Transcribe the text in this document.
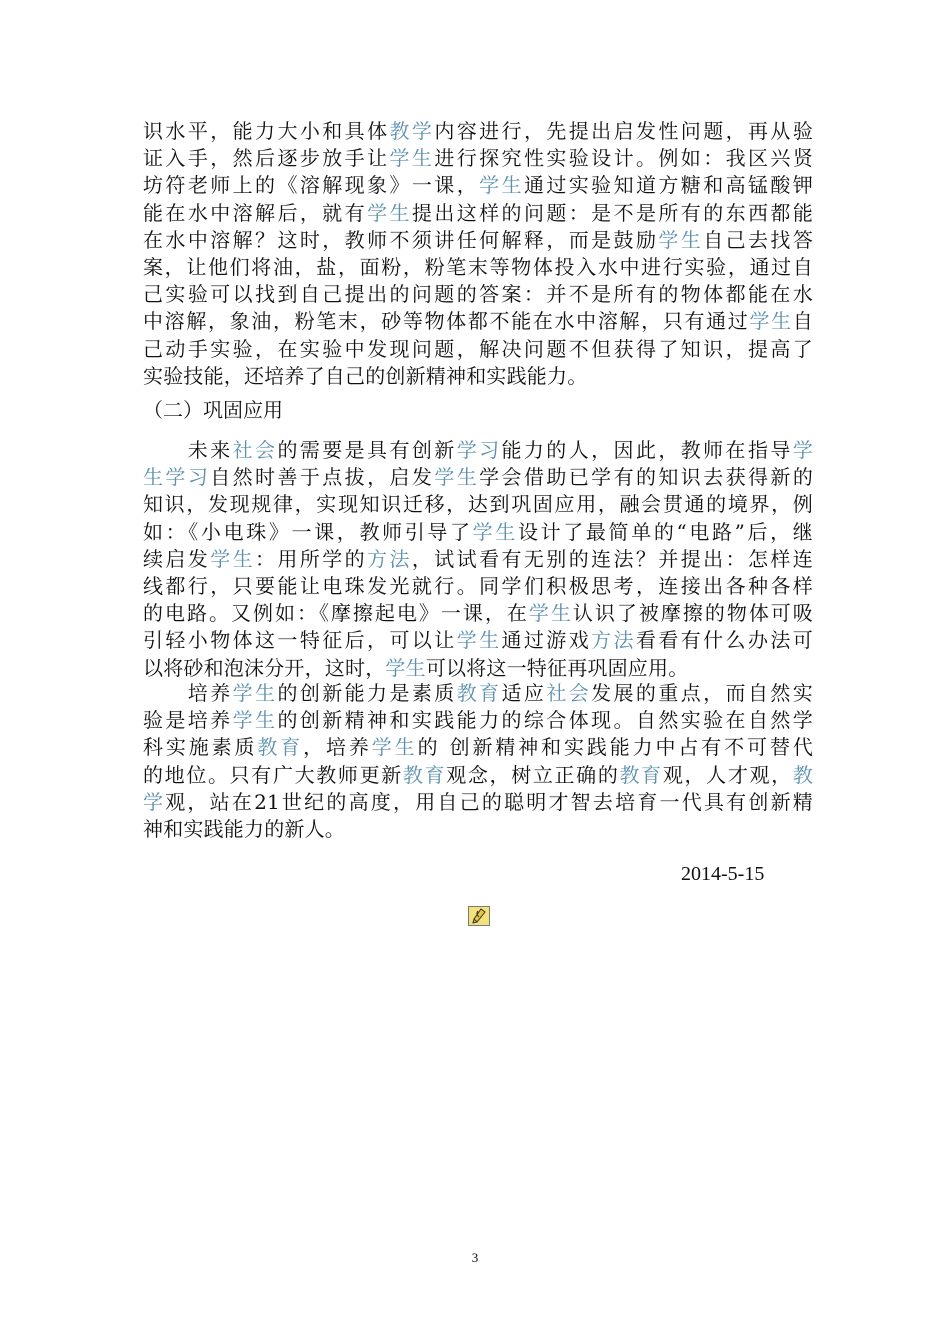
识水平，能力大小和具体教学内容进行，先提出启发性问题，再从验
证入手，然后逐步放手让学生进行探究性实验设计。例如：我区兴贤
坊符老师上的《溶解现象》一课，学生通过实验知道方糖和高锰酸钾
能在水中溶解后，就有学生提出这样的问题：是不是所有的东西都能
在水中溶解？这时，教师不须讲任何解释，而是鼓励学生自己去找答
案，让他们将油，盐，面粉，粉笔末等物体投入水中进行实验，通过自
己实验可以找到自己提出的问题的答案：并不是所有的物体都能在水
中溶解，象油，粉笔末，砂等物体都不能在水中溶解，只有通过学生自
己动手实验，在实验中发现问题，解决问题不但获得了知识，提高了
实验技能，还培养了自己的创新精神和实践能力。

（二）巩固应用

　　未来社会的需要是具有创新学习能力的人，因此，教师在指导学
生学习自然时善于点拔，启发学生学会借助已学有的知识去获得新的
知识，发现规律，实现知识迁移，达到巩固应用，融会贯通的境界，例
如：《小电珠》一课，教师引导了学生设计了最简单的“电路”后，继
续启发学生：用所学的方法，试试看有无别的连法？并提出：怎样连
线都行，只要能让电珠发光就行。同学们积极思考，连接出各种各样
的电路。又例如：《摩擦起电》一课，在学生认识了被摩擦的物体可吸
引轻小物体这一特征后，可以让学生通过游戏方法看看有什么办法可
以将砂和泡沫分开，这时，学生可以将这一特征再巩固应用。
　　培养学生的创新能力是素质教育适应社会发展的重点，而自然实
验是培养学生的创新精神和实践能力的综合体现。自然实验在自然学
科实施素质教育，培养学生的 创新精神和实践能力中占有不可替代
的地位。只有广大教师更新教育观念，树立正确的教育观，人才观，教
学观，站在21世纪的高度，用自己的聪明才智去培育一代具有创新精
神和实践能力的新人。

2014-5-15

3
